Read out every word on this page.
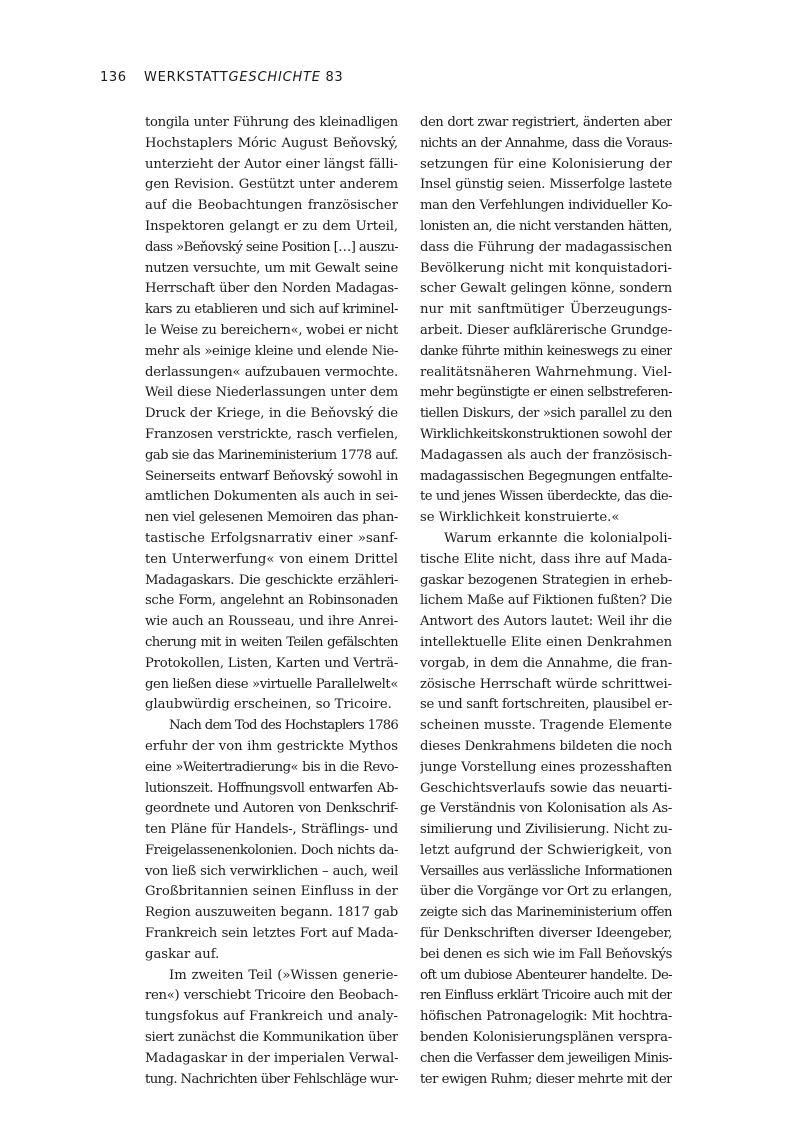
136 WERKSTATTGESCHICHTE 83
tongila unter Führung des kleinadligen
Hochstaplers Móric August Beňovský,
unterzieht der Autor einer längst fälli-
gen Revision. Gestützt unter anderem
auf die Beobachtungen französischer
Inspektoren gelangt er zu dem Urteil,
dass »Beňovský seine Position […] auszu-
nutzen versuchte, um mit Gewalt seine
Herrschaft über den Norden Madagas-
kars zu etablieren und sich auf kriminel-
le Weise zu bereichern«, wobei er nicht
mehr als »einige kleine und elende Nie-
derlassungen« aufzubauen vermochte.
Weil diese Niederlassungen unter dem
Druck der Kriege, in die Beňovský die
Franzosen verstrickte, rasch verfielen,
gab sie das Marineministerium 1778 auf.
Seinerseits entwarf Beňovský sowohl in
amtlichen Dokumenten als auch in sei-
nen viel gelesenen Memoiren das phan-
tastische Erfolgsnarrativ einer »sanf-
ten Unterwerfung« von einem Drittel
Madagaskars. Die geschickte erzähleri-
sche Form, angelehnt an Robinsonaden
wie auch an Rousseau, und ihre Anrei-
cherung mit in weiten Teilen gefälschten
Protokollen, Listen, Karten und Verträ-
gen ließen diese »virtuelle Parallelwelt«
glaubwürdig erscheinen, so Tricoire.
Nach dem Tod des Hochstaplers 1786
erfuhr der von ihm gestrickte Mythos
eine »Weitertradierung« bis in die Revo-
lutionszeit. Hoffnungsvoll entwarfen Ab-
geordnete und Autoren von Denkschrif-
ten Pläne für Handels-, Sträflings- und
Freigelassenenkolonien. Doch nichts da-
von ließ sich verwirklichen – auch, weil
Großbritannien seinen Einfluss in der
Region auszuweiten begann. 1817 gab
Frankreich sein letztes Fort auf Mada-
gaskar auf.
Im zweiten Teil (»Wissen generie-
ren«) verschiebt Tricoire den Beobach-
tungsfokus auf Frankreich und analy-
siert zunächst die Kommunikation über
Madagaskar in der imperialen Verwal-
tung. Nachrichten über Fehlschläge wur-
den dort zwar registriert, änderten aber
nichts an der Annahme, dass die Voraus-
setzungen für eine Kolonisierung der
Insel günstig seien. Misserfolge lastete
man den Verfehlungen individueller Ko-
lonisten an, die nicht verstanden hätten,
dass die Führung der madagassischen
Bevölkerung nicht mit konquistadori-
scher Gewalt gelingen könne, sondern
nur mit sanftmütiger Überzeugungs-
arbeit. Dieser aufklärerische Grundge-
danke führte mithin keineswegs zu einer
realitätsnäheren Wahrnehmung. Viel-
mehr begünstigte er einen selbstreferen-
tiellen Diskurs, der »sich parallel zu den
Wirklichkeitskonstruktionen sowohl der
Madagassen als auch der französisch-
madagassischen Begegnungen entfalte-
te und jenes Wissen überdeckte, das die-
se Wirklichkeit konstruierte.«
Warum erkannte die kolonialpoli-
tische Elite nicht, dass ihre auf Mada-
gaskar bezogenen Strategien in erheb-
lichem Maße auf Fiktionen fußten? Die
Antwort des Autors lautet: Weil ihr die
intellektuelle Elite einen Denkrahmen
vorgab, in dem die Annahme, die fran-
zösische Herrschaft würde schrittwei-
se und sanft fortschreiten, plausibel er-
scheinen musste. Tragende Elemente
dieses Denkrahmens bildeten die noch
junge Vorstellung eines prozesshaften
Geschichtsverlaufs sowie das neuarti-
ge Verständnis von Kolonisation als As-
similierung und Zivilisierung. Nicht zu-
letzt aufgrund der Schwierigkeit, von
Versailles aus verlässliche Informationen
über die Vorgänge vor Ort zu erlangen,
zeigte sich das Marineministerium offen
für Denkschriften diverser Ideengeber,
bei denen es sich wie im Fall Beňovskýs
oft um dubiose Abenteurer handelte. De-
ren Einfluss erklärt Tricoire auch mit der
höfischen Patronagelogik: Mit hochtra-
benden Kolonisierungsplänen verspra-
chen die Verfasser dem jeweiligen Minis-
ter ewigen Ruhm; dieser mehrte mit der
